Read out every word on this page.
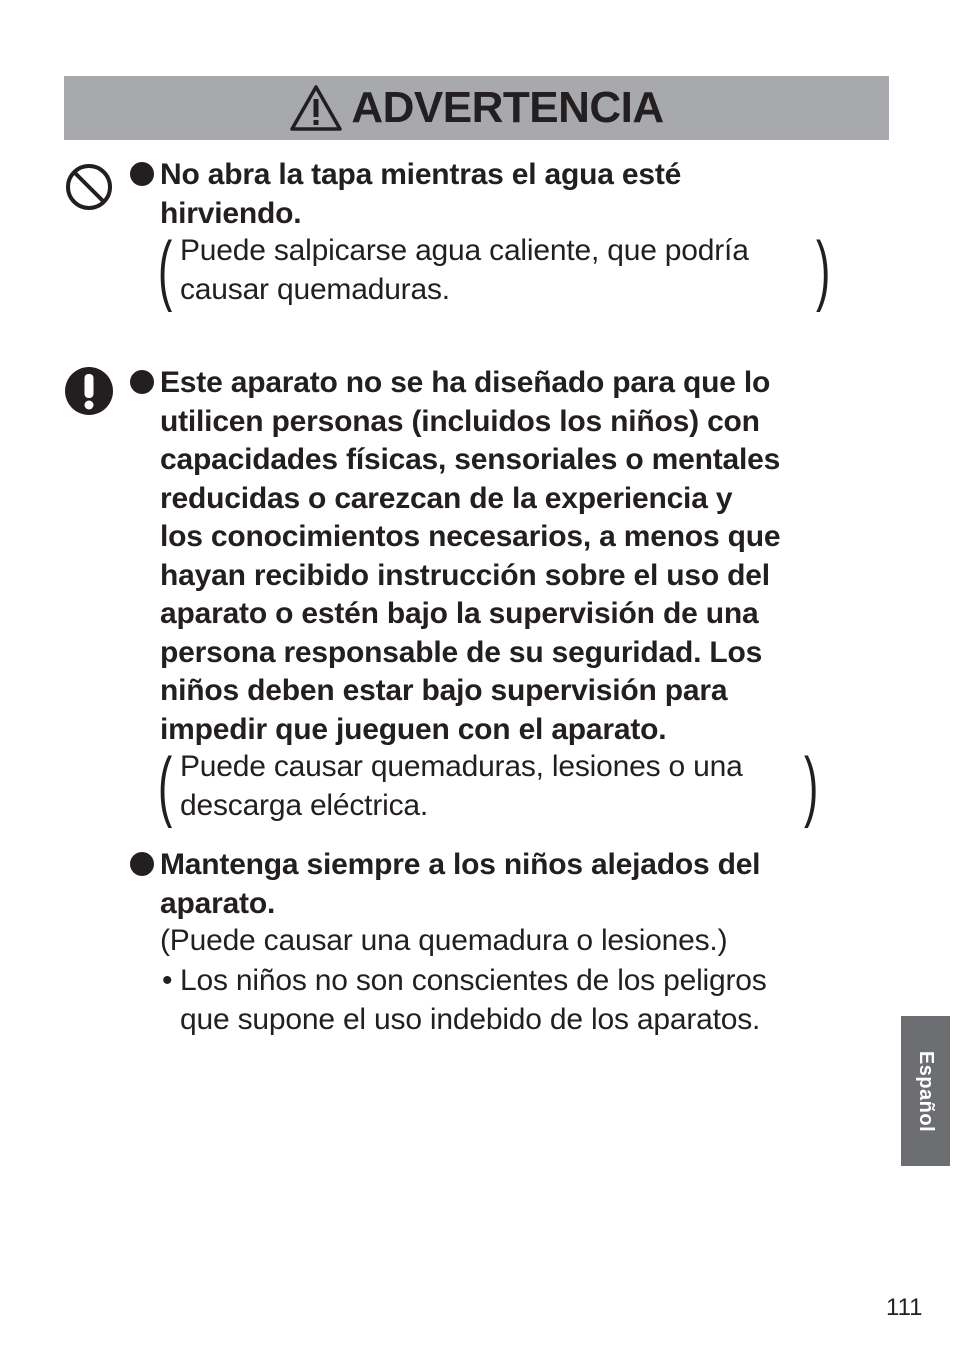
ADVERTENCIA
No abra la tapa mientras el agua esté
hirviendo.
( Puede salpicarse agua caliente, que podría
causar quemaduras.	)
Este aparato no se ha diseñado para que lo
utilicen personas (incluidos los niños) con
capacidades físicas, sensoriales o mentales
reducidas o carezcan de la experiencia y
los conocimientos necesarios, a menos que
hayan recibido instrucción sobre el uso del
aparato o estén bajo la supervisión de una
persona responsable de su seguridad. Los
niños deben estar bajo supervisión para
impedir que jueguen con el aparato.
( Puede causar quemaduras, lesiones o una
descarga eléctrica.	)
Mantenga siempre a los niños alejados del
aparato.
(Puede causar una quemadura o lesiones.)
• Los niños no son conscientes de los peligros
que supone el uso indebido de los aparatos.
Español
111
